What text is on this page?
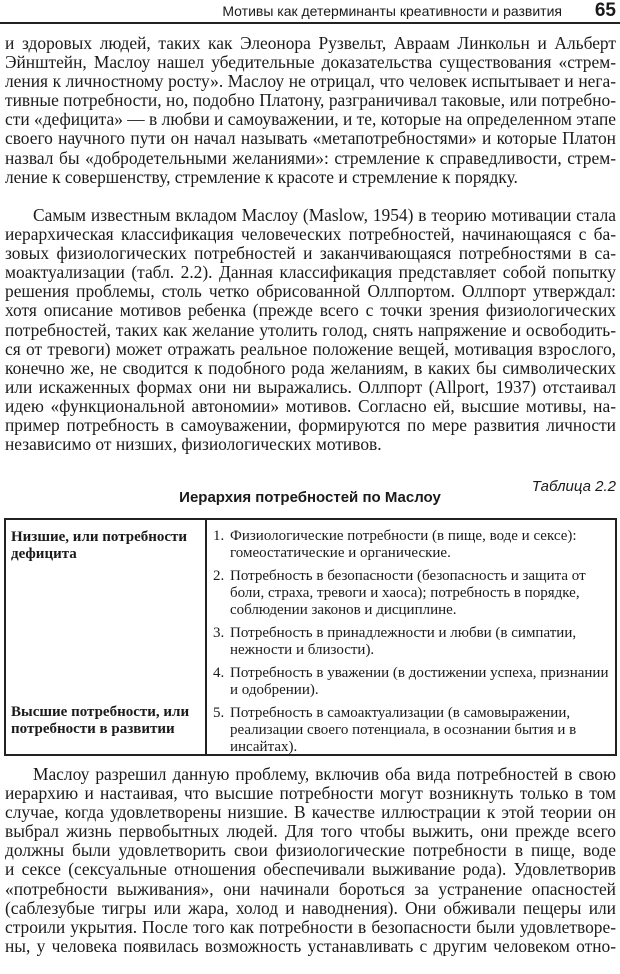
Мотивы как детерминанты креативности и развития 65
и здоровых людей, таких как Элеонора Рузвельт, Авраам Линкольн и Альберт
Эйнштейн, Маслоу нашел убедительные доказательства существования «стрем-
ления к личностному росту». Маслоу не отрицал, что человек испытывает и нега-
тивные потребности, но, подобно Платону, разграничивал таковые, или потребно-
сти «дефицита» — в любви и самоуважении, и те, которые на определенном этапе
своего научного пути он начал называть «метапотребностями» и которые Платон
назвал бы «добродетельными желаниями»: стремление к справедливости, стрем-
ление к совершенству, стремление к красоте и стремление к порядку.
Самым известным вкладом Маслоу (Maslow, 1954) в теорию мотивации стала
иерархическая классификация человеческих потребностей, начинающаяся с ба-
зовых физиологических потребностей и заканчивающаяся потребностями в са-
моактуализации (табл. 2.2). Данная классификация представляет собой попытку
решения проблемы, столь четко обрисованной Оллпортом. Оллпорт утверждал:
хотя описание мотивов ребенка (прежде всего с точки зрения физиологических
потребностей, таких как желание утолить голод, снять напряжение и освободить-
ся от тревоги) может отражать реальное положение вещей, мотивация взрослого,
конечно же, не сводится к подобного рода желаниям, в каких бы символических
или искаженных формах они ни выражались. Оллпорт (Allport, 1937) отстаивал
идею «функциональной автономии» мотивов. Согласно ей, высшие мотивы, на-
пример потребность в самоуважении, формируются по мере развития личности
независимо от низших, физиологических мотивов.
Таблица 2.2
Иерархия потребностей по Маслоу
Низшие, или потребности дефицита
Высшие потребности, или потребности в развитии
1. Физиологические потребности (в пище, воде и сексе): гомеостатические и органические.
2. Потребность в безопасности (безопасность и защита от боли, страха, тревоги и хаоса); потребность в порядке, соблюдении законов и дисциплине.
3. Потребность в принадлежности и любви (в симпатии, нежности и близости).
4. Потребность в уважении (в достижении успеха, признании и одобрении).
5. Потребность в самоактуализации (в самовыражении, реализации своего потенциала, в осознании бытия и в инсайтах).
Маслоу разрешил данную проблему, включив оба вида потребностей в свою
иерархию и настаивая, что высшие потребности могут возникнуть только в том
случае, когда удовлетворены низшие. В качестве иллюстрации к этой теории он
выбрал жизнь первобытных людей. Для того чтобы выжить, они прежде всего
должны были удовлетворить свои физиологические потребности в пище, воде
и сексе (сексуальные отношения обеспечивали выживание рода). Удовлетворив
«потребности выживания», они начинали бороться за устранение опасностей
(саблезубые тигры или жара, холод и наводнения). Они обживали пещеры или
строили укрытия. После того как потребности в безопасности были удовлетворе-
ны, у человека появилась возможность устанавливать с другим человеком отно-
